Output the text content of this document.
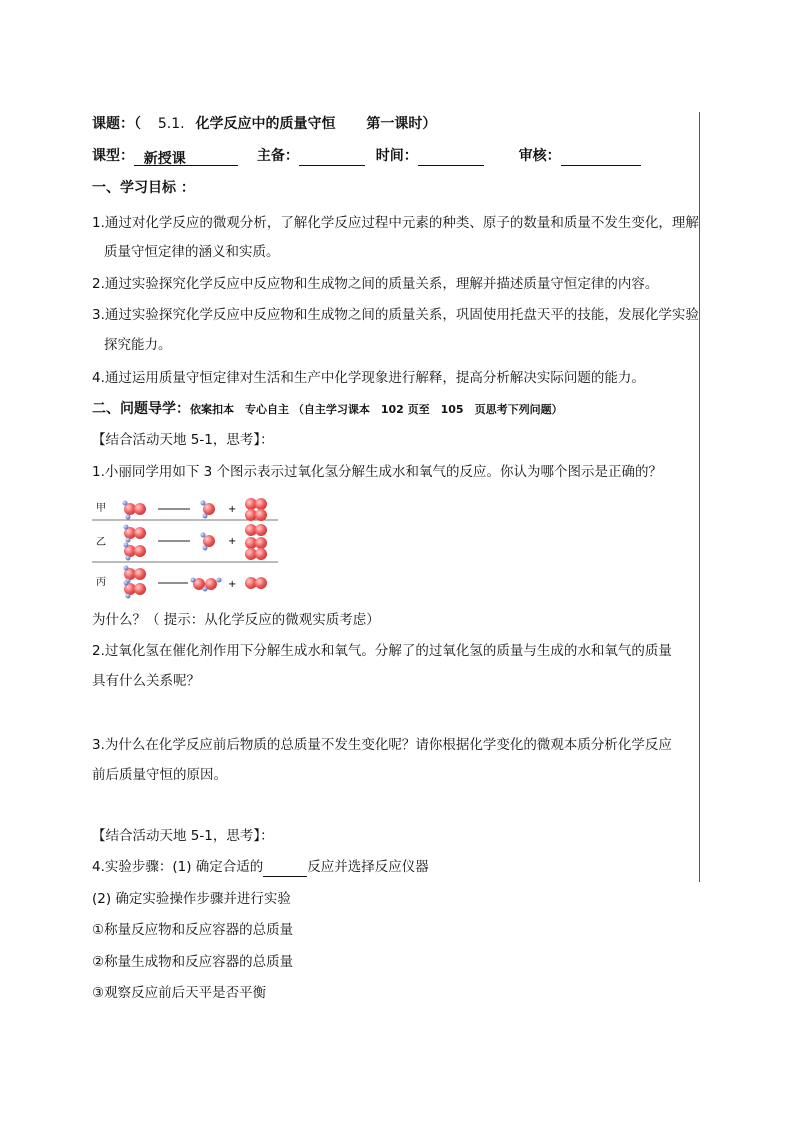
课题：（ 5.1. 化学反应中的质量守恒 第一课时）
课型： 新授课	主备：	时间：	审核：
一、学习目标 ：
1.通过对化学反应的微观分析，了解化学反应过程中元素的种类、原子的数量和质量不发生变化，理解
质量守恒定律的涵义和实质。
2.通过实验探究化学反应中反应物和生成物之间的质量关系，理解并描述质量守恒定律的内容。
3.通过实验探究化学反应中反应物和生成物之间的质量关系，巩固使用托盘天平的技能，发展化学实验
探究能力。
4.通过运用质量守恒定律对生活和生产中化学现象进行解释，提高分析解决实际问题的能力。
二、问题导学：依案扣本　专心自主 （自主学习课本　102 页至　105　页思考下列问题）
【结合活动天地 5-1，思考】：
1.小丽同学用如下 3 个图示表示过氧化氢分解生成水和氧气的反应。你认为哪个图示是正确的？
甲
乙
丙
+
+
+
为什么？（ 提示：从化学反应的微观实质考虑）
2.过氧化氢在催化剂作用下分解生成水和氧气。分解了的过氧化氢的质量与生成的水和氧气的质量
具有什么关系呢？
3.为什么在化学反应前后物质的总质量不发生变化呢？请你根据化学变化的微观本质分析化学反应
前后质量守恒的原因。
【结合活动天地 5-1，思考】：
4.实验步骤：(1) 确定合适的	反应并选择反应仪器
(2) 确定实验操作步骤并进行实验
①称量反应物和反应容器的总质量
②称量生成物和反应容器的总质量
③观察反应前后天平是否平衡
